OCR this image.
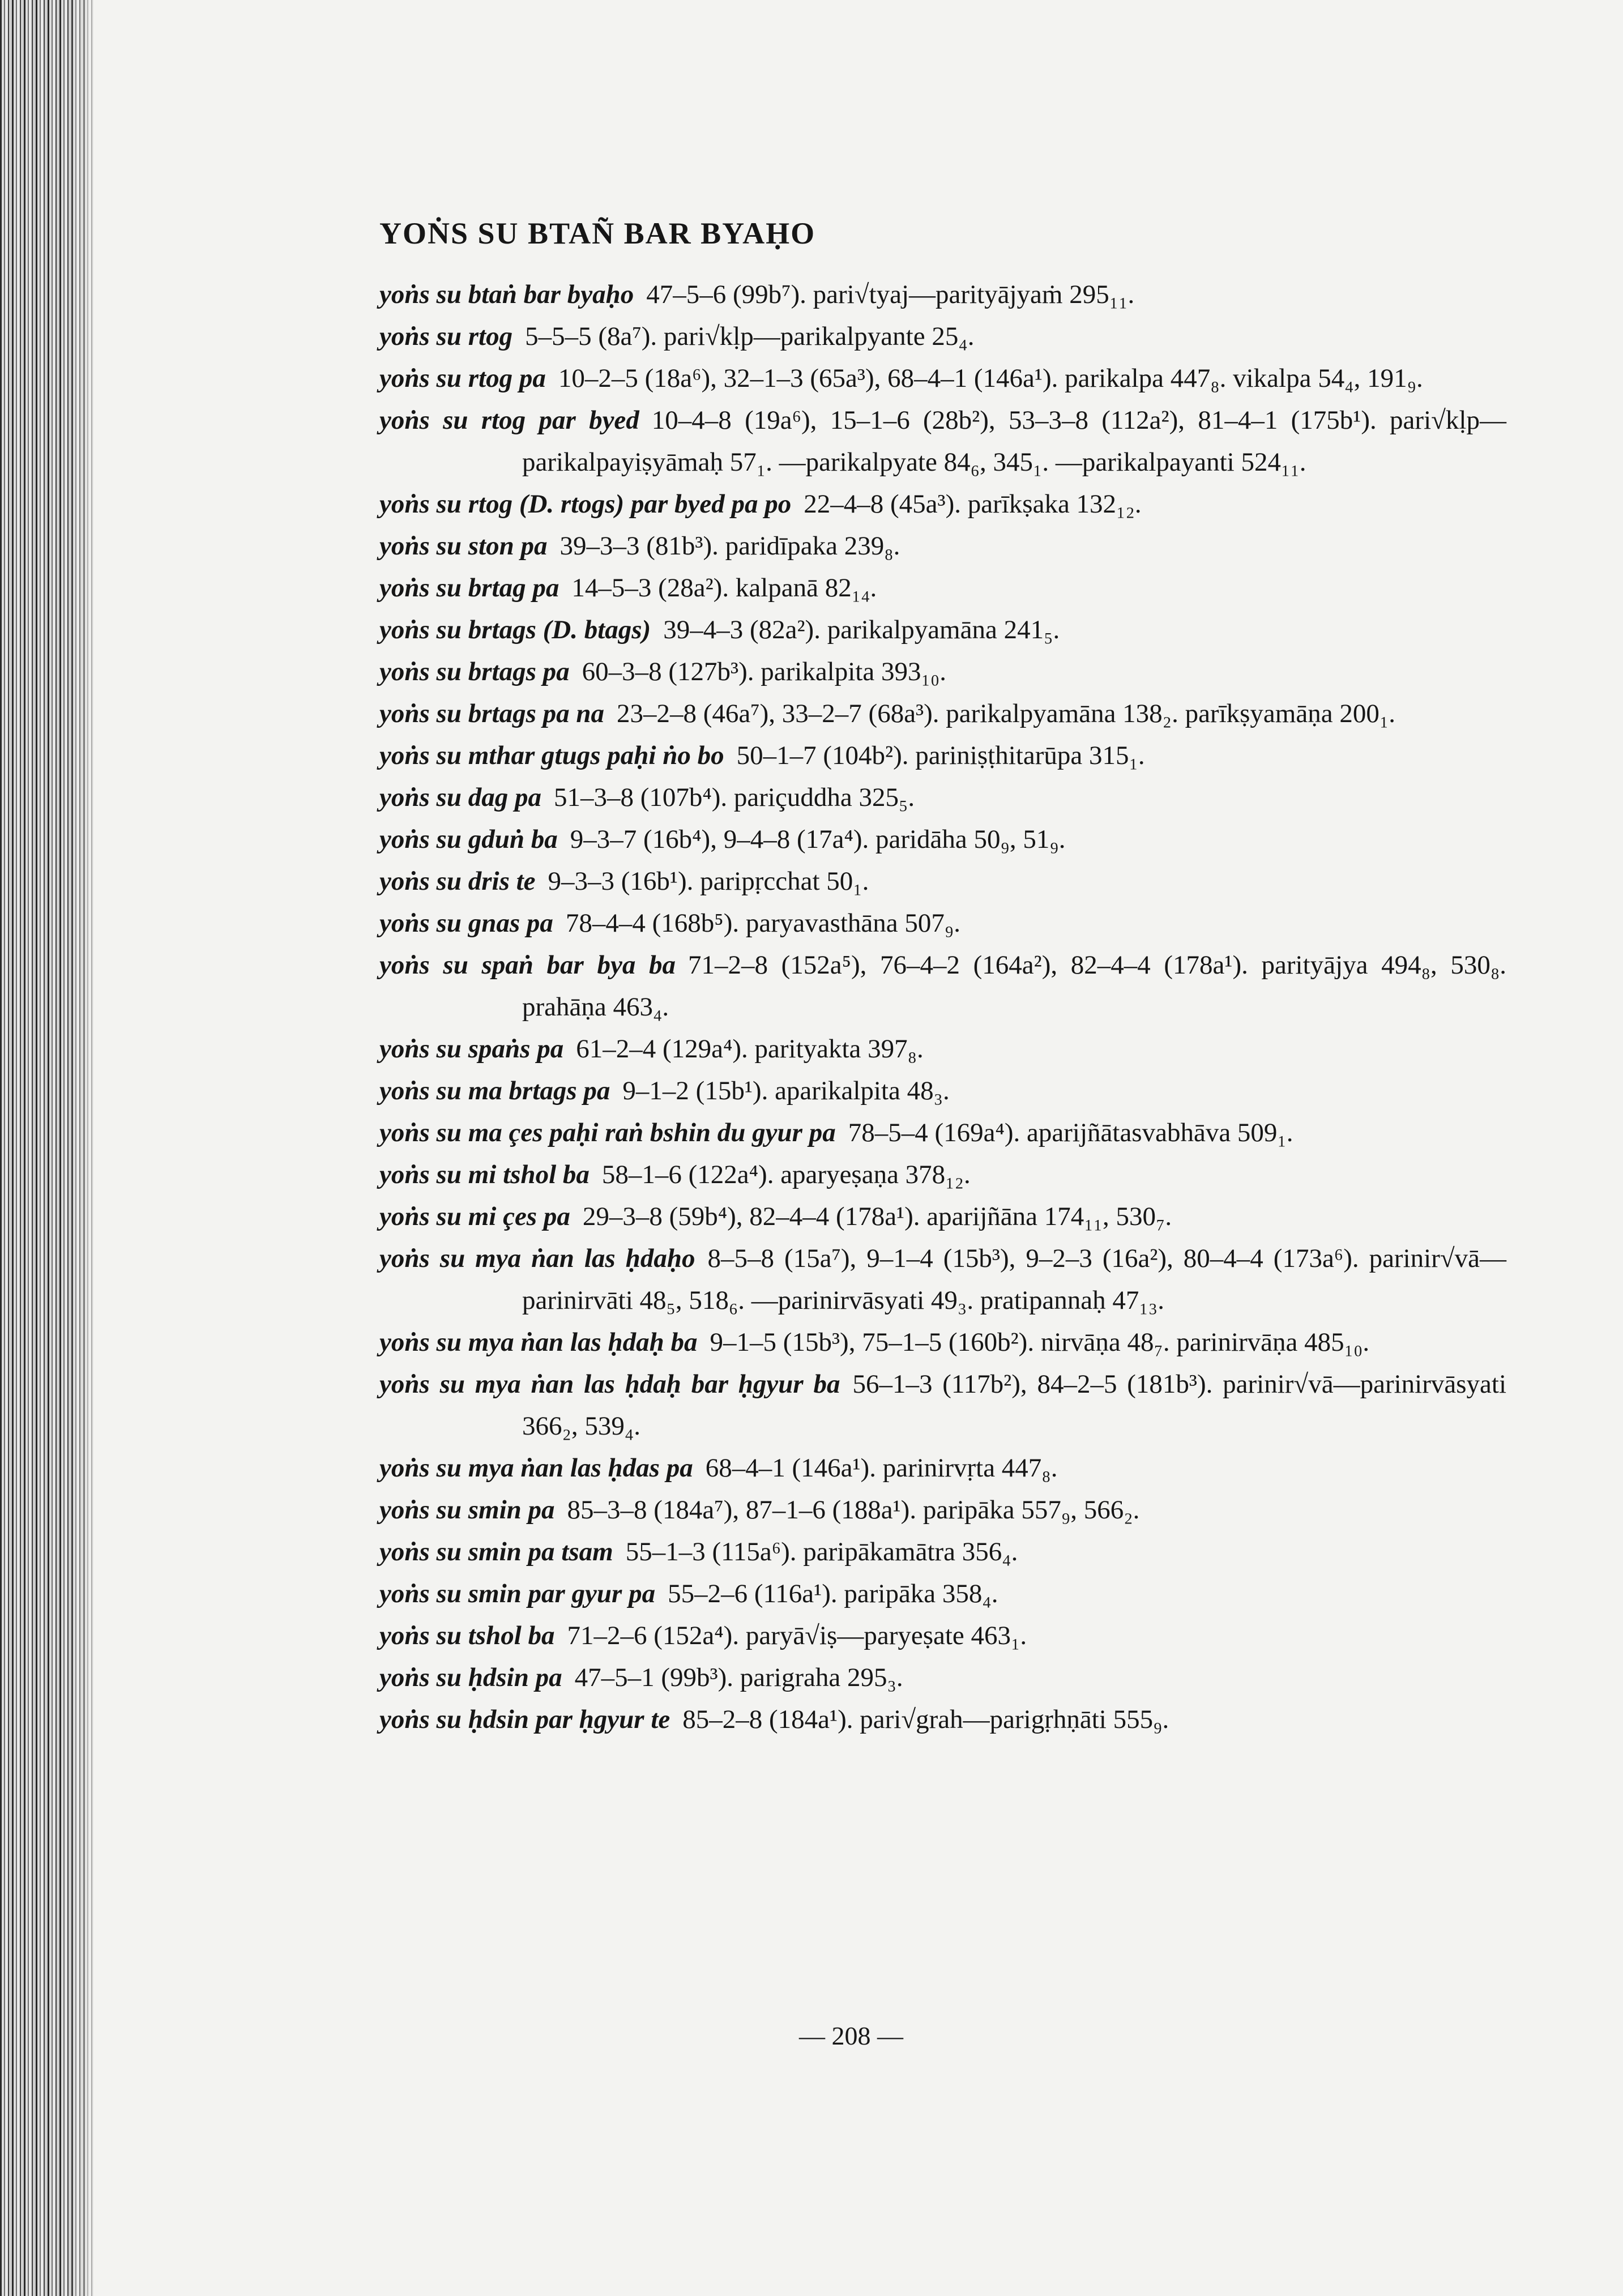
YOṄS SU BTAÑ BAR BYAḤO
yoṅs su btaṅ bar byaḥo 47–5–6 (99b⁷). pari√tyaj—parityājyaṁ 295₁₁.
yoṅs su rtog 5–5–5 (8a⁷). pari√kḷp—parikalpyante 25₄.
yoṅs su rtog pa 10–2–5 (18a⁶), 32–1–3 (65a³), 68–4–1 (146a¹). parikalpa 447₈. vikalpa 54₄, 191₉.
yoṅs su rtog par byed 10–4–8 (19a⁶), 15–1–6 (28b²), 53–3–8 (112a²), 81–4–1 (175b¹). pari√kḷp—parikalpayiṣyāmaḥ 57₁. —parikalpyate 84₆, 345₁. —parikalpayanti 524₁₁.
yoṅs su rtog (D. rtogs) par byed pa po 22–4–8 (45a³). parīkṣaka 132₁₂.
yoṅs su ston pa 39–3–3 (81b³). paridīpaka 239₈.
yoṅs su brtag pa 14–5–3 (28a²). kalpanā 82₁₄.
yoṅs su brtags (D. btags) 39–4–3 (82a²). parikalpyamāna 241₅.
yoṅs su brtags pa 60–3–8 (127b³). parikalpita 393₁₀.
yoṅs su brtags pa na 23–2–8 (46a⁷), 33–2–7 (68a³). parikalpyamāna 138₂. parīkṣyamāṇa 200₁.
yoṅs su mthar gtugs paḥi ṅo bo 50–1–7 (104b²). pariniṣṭhitarūpa 315₁.
yoṅs su dag pa 51–3–8 (107b⁴). pariçuddha 325₅.
yoṅs su gduṅ ba 9–3–7 (16b⁴), 9–4–8 (17a⁴). paridāha 50₉, 51₉.
yoṅs su dris te 9–3–3 (16b¹). paripṛcchat 50₁.
yoṅs su gnas pa 78–4–4 (168b⁵). paryavasthāna 507₉.
yoṅs su spaṅ bar bya ba 71–2–8 (152a⁵), 76–4–2 (164a²), 82–4–4 (178a¹). parityājya 494₈, 530₈. prahāṇa 463₄.
yoṅs su spaṅs pa 61–2–4 (129a⁴). parityakta 397₈.
yoṅs su ma brtags pa 9–1–2 (15b¹). aparikalpita 48₃.
yoṅs su ma çes paḥi raṅ bshin du gyur pa 78–5–4 (169a⁴). aparijñātasvabhāva 509₁.
yoṅs su mi tshol ba 58–1–6 (122a⁴). aparyeṣaṇa 378₁₂.
yoṅs su mi çes pa 29–3–8 (59b⁴), 82–4–4 (178a¹). aparijñāna 174₁₁, 530₇.
yoṅs su mya ṅan las ḥdaḥo 8–5–8 (15a⁷), 9–1–4 (15b³), 9–2–3 (16a²), 80–4–4 (173a⁶). parinir√vā—parinirvāti 48₅, 518₆. —parinirvāsyati 49₃. pratipannaḥ 47₁₃.
yoṅs su mya ṅan las ḥdaḥ ba 9–1–5 (15b³), 75–1–5 (160b²). nirvāṇa 48₇. parinirvāṇa 485₁₀.
yoṅs su mya ṅan las ḥdaḥ bar ḥgyur ba 56–1–3 (117b²), 84–2–5 (181b³). parinir√vā—parinirvāsyati 366₂, 539₄.
yoṅs su mya ṅan las ḥdas pa 68–4–1 (146a¹). parinirvṛta 447₈.
yoṅs su smin pa 85–3–8 (184a⁷), 87–1–6 (188a¹). paripāka 557₉, 566₂.
yoṅs su smin pa tsam 55–1–3 (115a⁶). paripākamātra 356₄.
yoṅs su smin par gyur pa 55–2–6 (116a¹). paripāka 358₄.
yoṅs su tshol ba 71–2–6 (152a⁴). paryā√iṣ—paryeṣate 463₁.
yoṅs su ḥdsin pa 47–5–1 (99b³). parigraha 295₃.
yoṅs su ḥdsin par ḥgyur te 85–2–8 (184a¹). pari√grah—parigṛhṇāti 555₉.
— 208 —
